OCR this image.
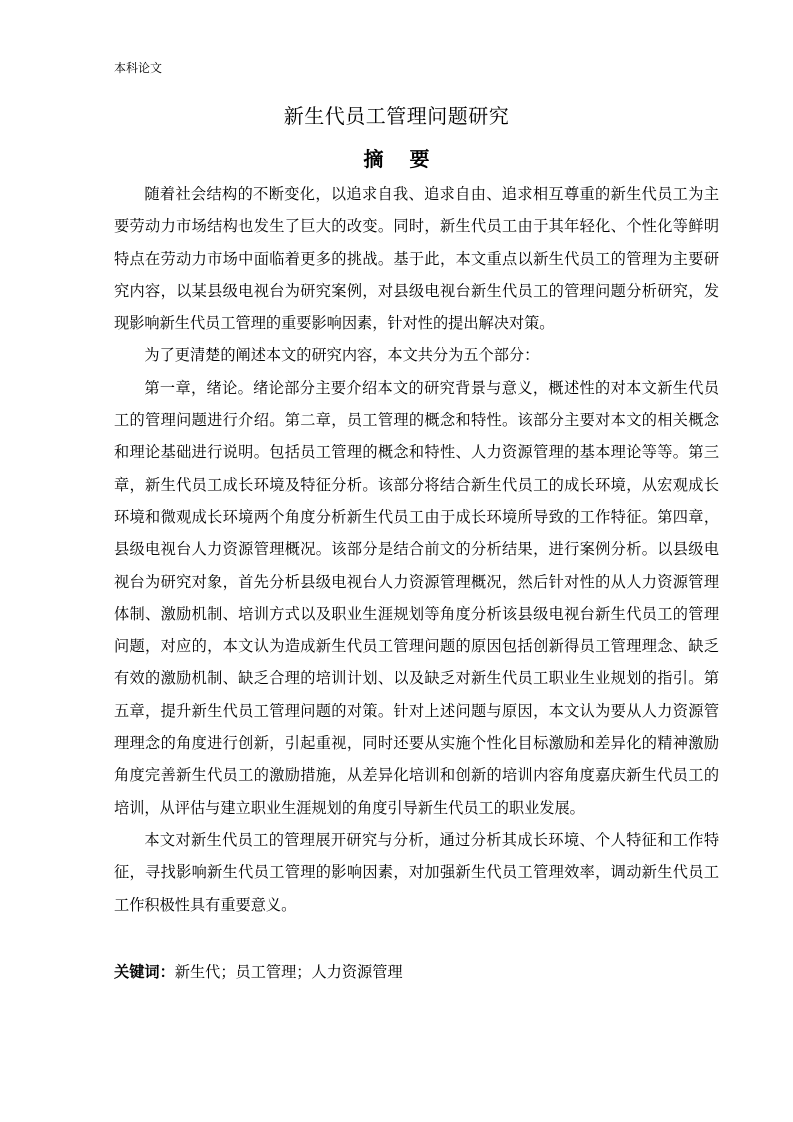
本科论文
新生代员工管理问题研究
摘 要

随着社会结构的不断变化，以追求自我、追求自由、追求相互尊重的新生代员工为主要劳动力市场结构也发生了巨大的改变。同时，新生代员工由于其年轻化、个性化等鲜明特点在劳动力市场中面临着更多的挑战。基于此，本文重点以新生代员工的管理为主要研究内容，以某县级电视台为研究案例，对县级电视台新生代员工的管理问题分析研究，发现影响新生代员工管理的重要影响因素，针对性的提出解决对策。

为了更清楚的阐述本文的研究内容，本文共分为五个部分：

第一章，绪论。绪论部分主要介绍本文的研究背景与意义，概述性的对本文新生代员工的管理问题进行介绍。第二章，员工管理的概念和特性。该部分主要对本文的相关概念和理论基础进行说明。包括员工管理的概念和特性、人力资源管理的基本理论等等。第三章，新生代员工成长环境及特征分析。该部分将结合新生代员工的成长环境，从宏观成长环境和微观成长环境两个角度分析新生代员工由于成长环境所导致的工作特征。第四章，县级电视台人力资源管理概况。该部分是结合前文的分析结果，进行案例分析。以县级电视台为研究对象，首先分析县级电视台人力资源管理概况，然后针对性的从人力资源管理体制、激励机制、培训方式以及职业生涯规划等角度分析该县级电视台新生代员工的管理问题，对应的，本文认为造成新生代员工管理问题的原因包括创新得员工管理理念、缺乏有效的激励机制、缺乏合理的培训计划、以及缺乏对新生代员工职业生业规划的指引。第五章，提升新生代员工管理问题的对策。针对上述问题与原因，本文认为要从人力资源管理理念的角度进行创新，引起重视，同时还要从实施个性化目标激励和差异化的精神激励角度完善新生代员工的激励措施，从差异化培训和创新的培训内容角度嘉庆新生代员工的培训，从评估与建立职业生涯规划的角度引导新生代员工的职业发展。

本文对新生代员工的管理展开研究与分析，通过分析其成长环境、个人特征和工作特征，寻找影响新生代员工管理的影响因素，对加强新生代员工管理效率，调动新生代员工工作积极性具有重要意义。

关键词：新生代；员工管理；人力资源管理
